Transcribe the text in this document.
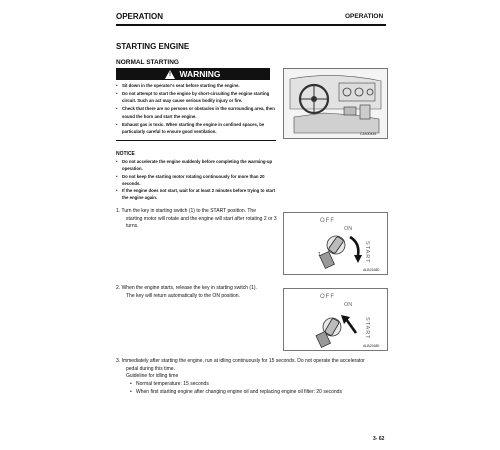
OPERATION	OPERATION
STARTING ENGINE
NORMAL STARTING
! WARNING
• Sit down in the operator's seat before starting the engine.
• Do not attempt to start the engine by short-circuiting the engine starting circuit. Such an act may cause serious bodily injury or fire.
• Check that there are no persons or obstacles in the surrounding area, then sound the horn and start the engine.
• Exhaust gas is toxic. When starting the engine in confined spaces, be particularly careful to ensure good ventilation.	CJA00444
NOTICE
• Do not accelerate the engine suddenly before completing the warming-up operation.
• Do not keep the starting motor rotating continuously for more than 20 seconds.
• If the engine does not start, wait for at least 2 minutes before trying to start the engine again.
1. Turn the key in starting switch (1) to the START position. The
starting motor will rotate and the engine will start after rotating 2 or 3 turns.
OFF
ON
START
1
ALB21680
2. When the engine starts, release the key in starting switch (1).
The key will return automatically to the ON position.	OFF
ON
START
ALB21680
3. Immediately after starting the engine, run at idling continuously for 15 seconds. Do not operate the accelerator
pedal during this time.
Guideline for idling time
• Normal temperature: 15 seconds
• When first starting engine after changing engine oil and replacing engine oil filter: 20 seconds
3- 62
